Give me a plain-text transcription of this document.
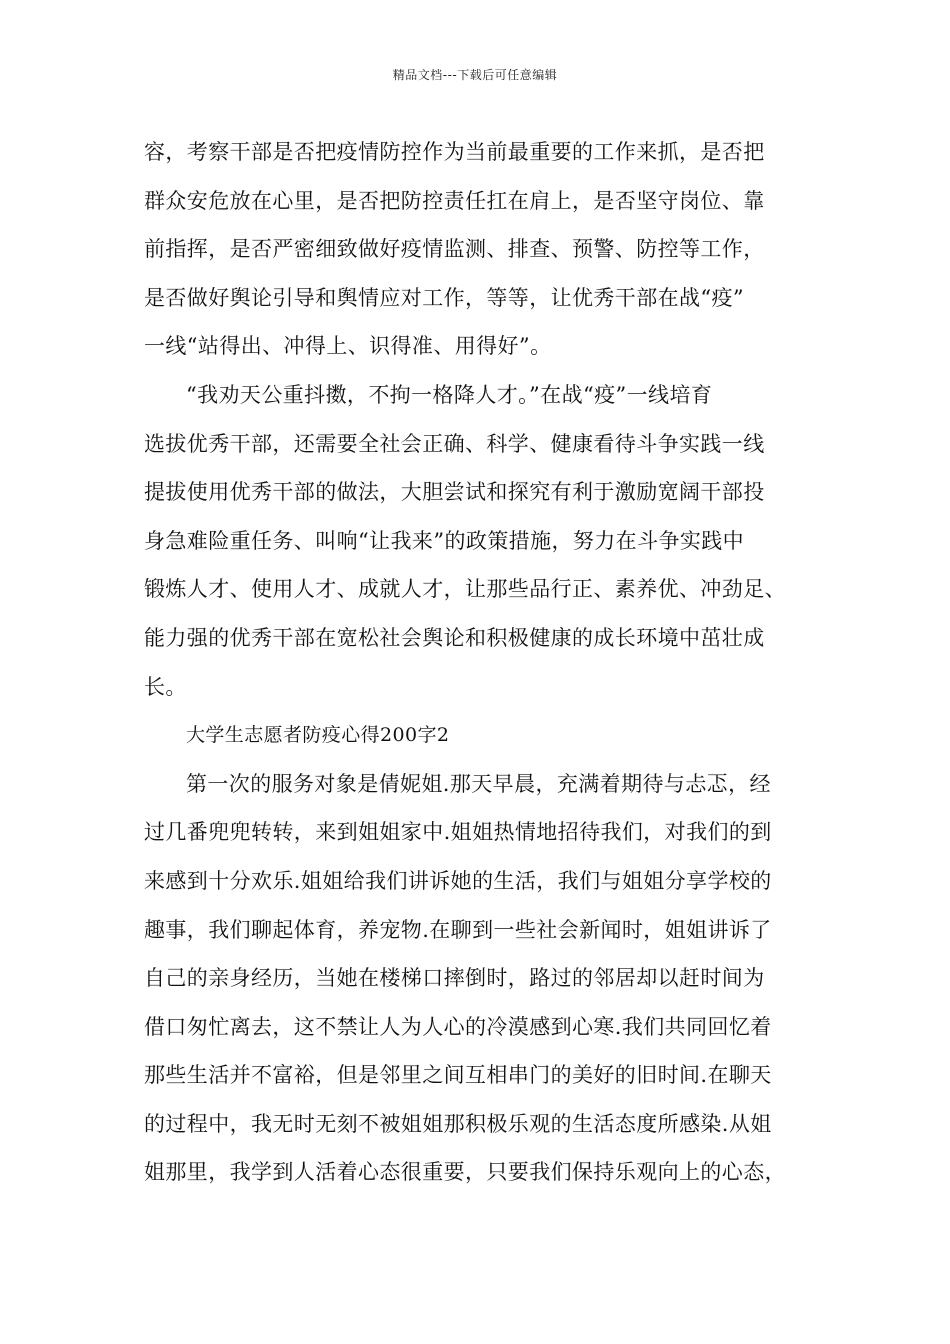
精品文档---下载后可任意编辑
容，考察干部是否把疫情防控作为当前最重要的工作来抓，是否把
群众安危放在心里，是否把防控责任扛在肩上，是否坚守岗位、靠
前指挥，是否严密细致做好疫情监测、排查、预警、防控等工作，
是否做好舆论引导和舆情应对工作，等等，让优秀干部在战“疫”
一线“站得出、冲得上、识得准、用得好”。
“我劝天公重抖擞，不拘一格降人才。”在战“疫”一线培育
选拔优秀干部，还需要全社会正确、科学、健康看待斗争实践一线
提拔使用优秀干部的做法，大胆尝试和探究有利于激励宽阔干部投
身急难险重任务、叫响“让我来”的政策措施，努力在斗争实践中
锻炼人才、使用人才、成就人才，让那些品行正、素养优、冲劲足、
能力强的优秀干部在宽松社会舆论和积极健康的成长环境中茁壮成
长。
大学生志愿者防疫心得200字2
第一次的服务对象是倩妮姐.那天早晨，充满着期待与忐忑，经
过几番兜兜转转，来到姐姐家中.姐姐热情地招待我们，对我们的到
来感到十分欢乐.姐姐给我们讲诉她的生活，我们与姐姐分享学校的
趣事，我们聊起体育，养宠物.在聊到一些社会新闻时，姐姐讲诉了
自己的亲身经历，当她在楼梯口摔倒时，路过的邻居却以赶时间为
借口匆忙离去，这不禁让人为人心的冷漠感到心寒.我们共同回忆着
那些生活并不富裕，但是邻里之间互相串门的美好的旧时间.在聊天
的过程中，我无时无刻不被姐姐那积极乐观的生活态度所感染.从姐
姐那里，我学到人活着心态很重要，只要我们保持乐观向上的心态，
